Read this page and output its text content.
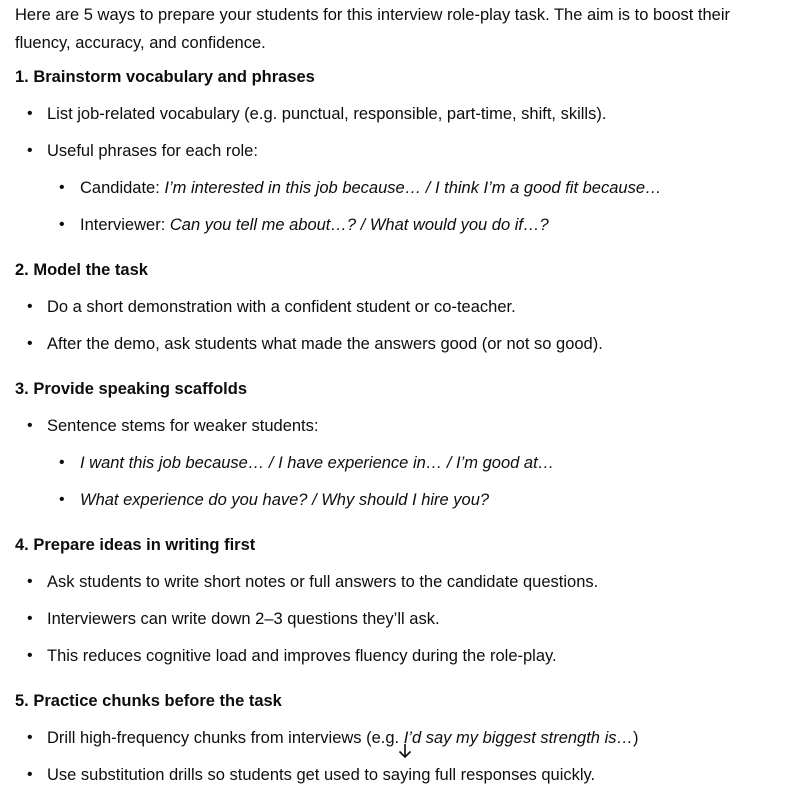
Here are 5 ways to prepare your students for this interview role-play task. The aim is to boost their fluency, accuracy, and confidence.

1. Brainstorm vocabulary and phrases
• List job-related vocabulary (e.g. punctual, responsible, part-time, shift, skills).
• Useful phrases for each role:
• Candidate: I’m interested in this job because… / I think I’m a good fit because…
• Interviewer: Can you tell me about…? / What would you do if…?
2. Model the task
• Do a short demonstration with a confident student or co-teacher.
• After the demo, ask students what made the answers good (or not so good).
3. Provide speaking scaffolds
• Sentence stems for weaker students:
• I want this job because… / I have experience in… / I’m good at…
• What experience do you have? / Why should I hire you?
4. Prepare ideas in writing first
• Ask students to write short notes or full answers to the candidate questions.
• Interviewers can write down 2–3 questions they’ll ask.
• This reduces cognitive load and improves fluency during the role-play.
5. Practice chunks before the task
• Drill high-frequency chunks from interviews (e.g. I’d say my biggest strength is…)
• Use substitution drills so students get used to saying full responses quickly.
